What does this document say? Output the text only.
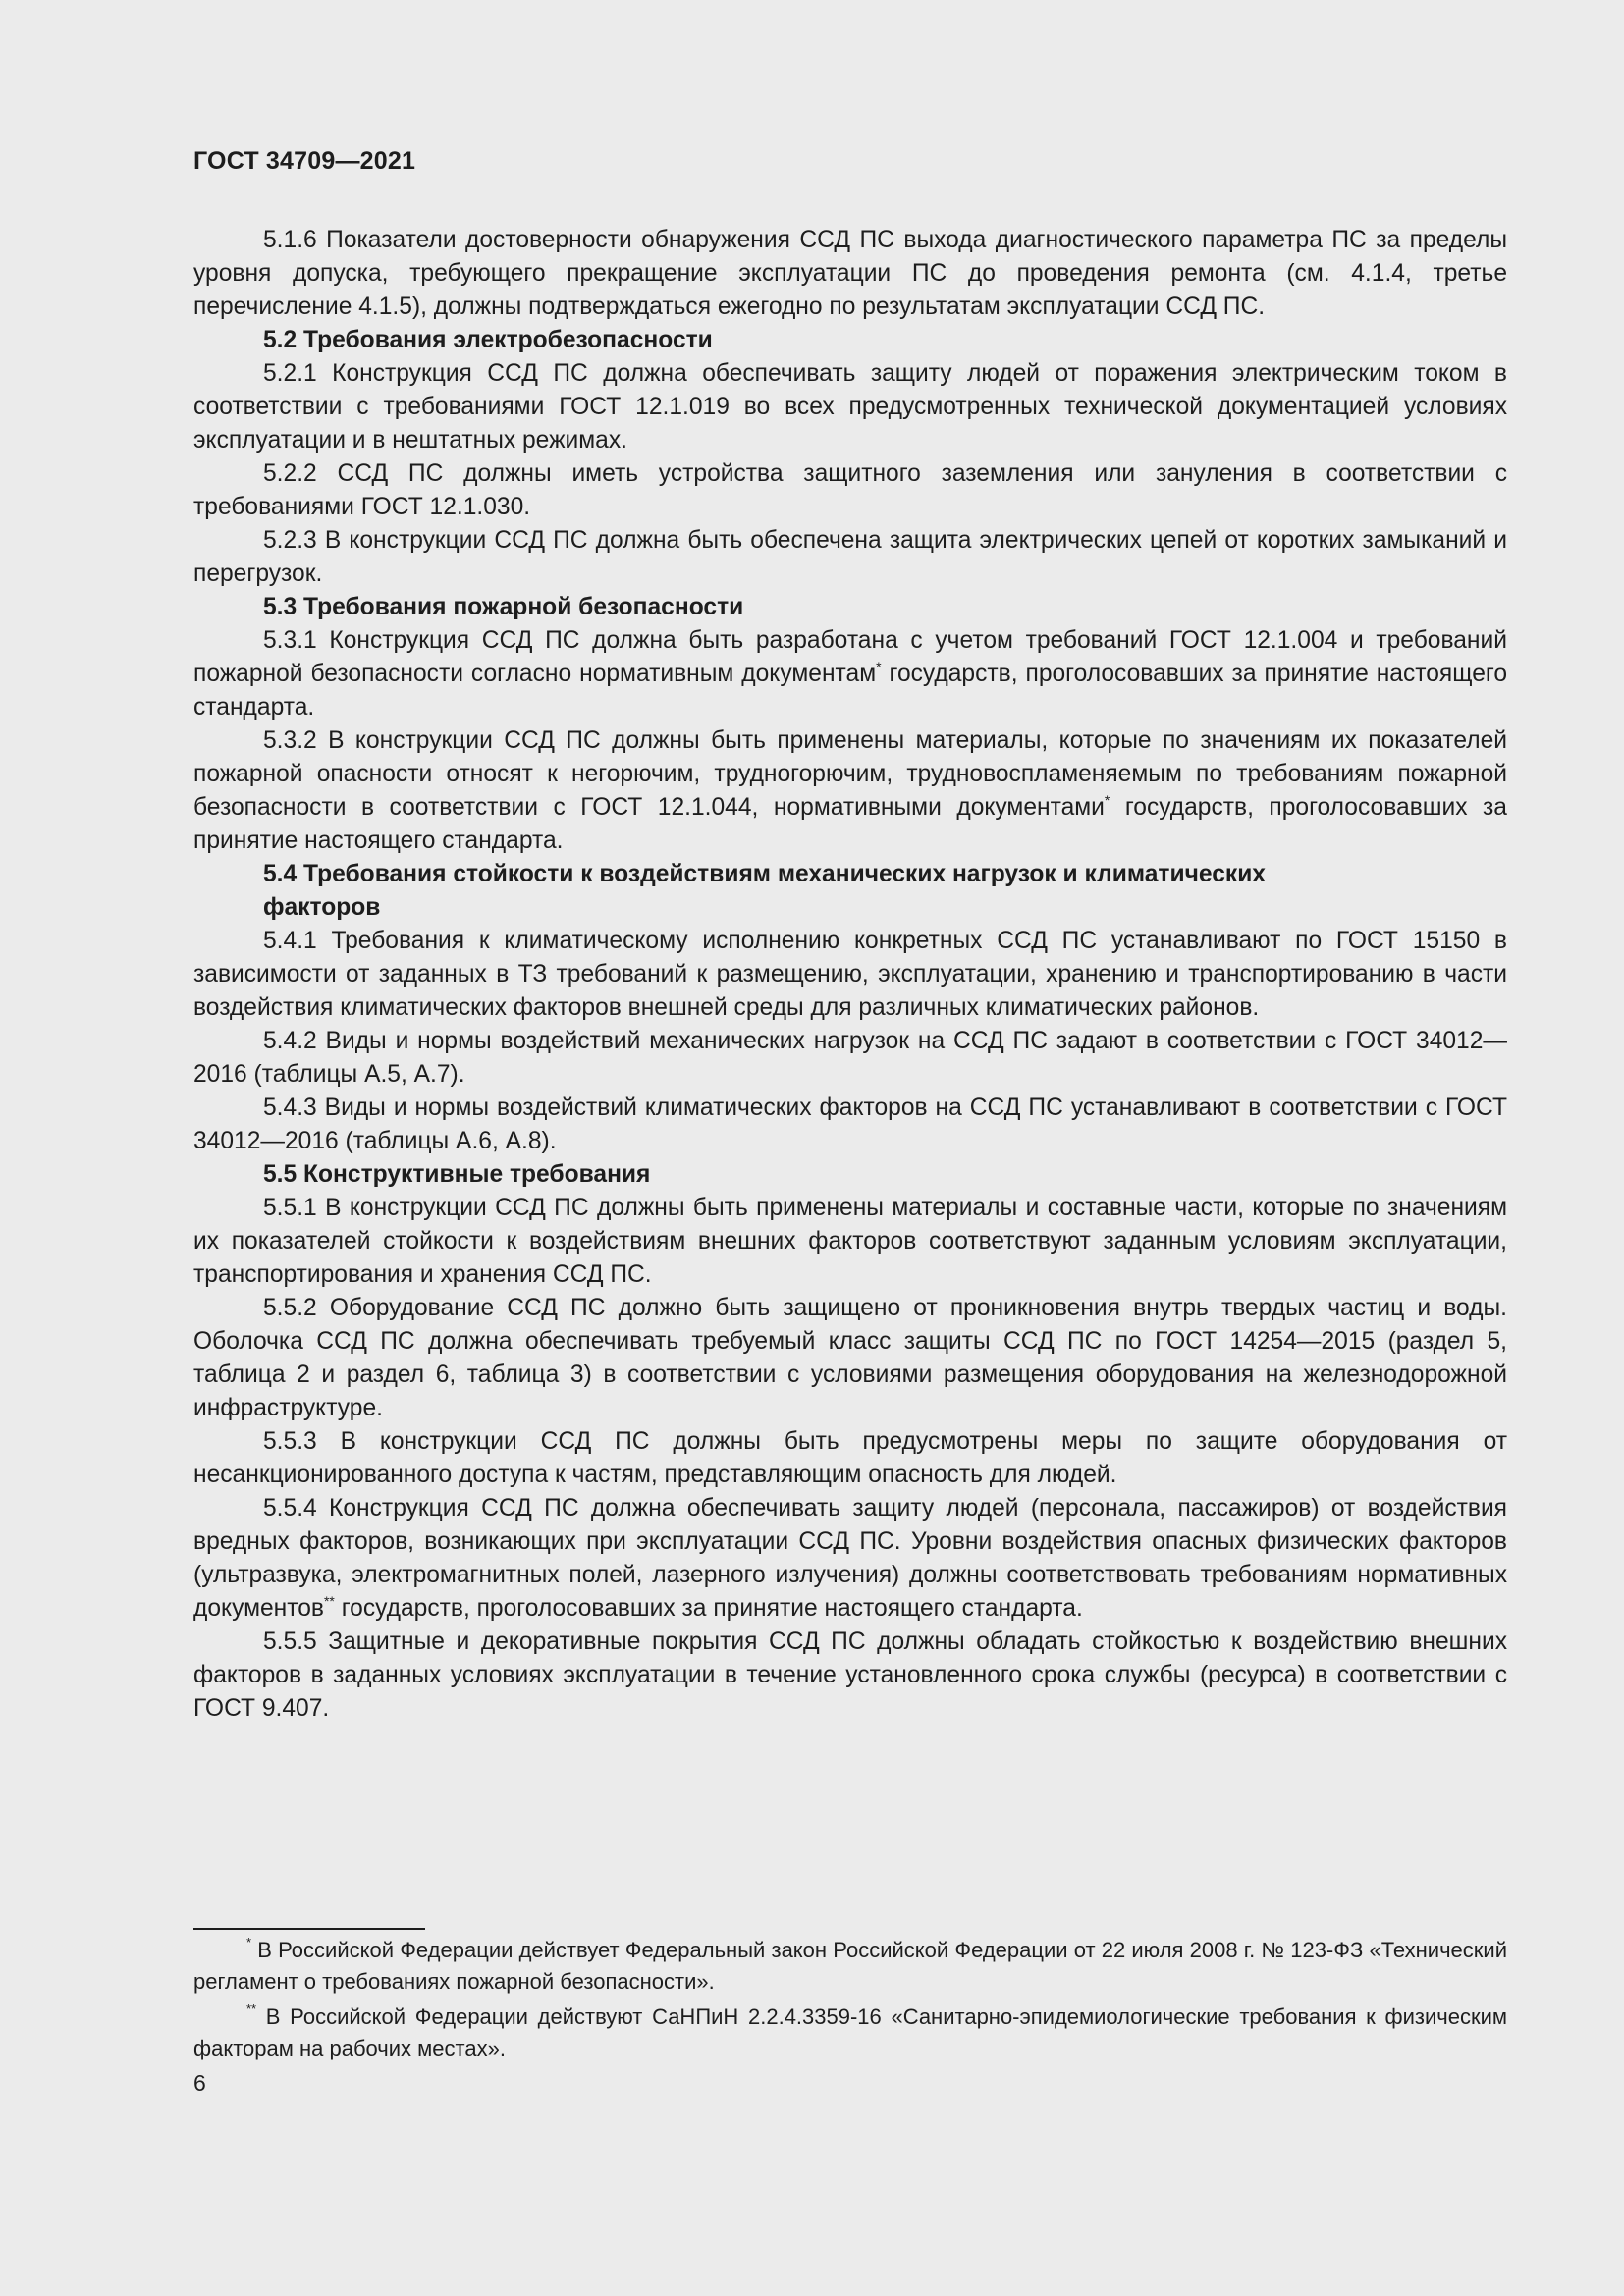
ГОСТ 34709—2021

5.1.6 Показатели достоверности обнаружения ССД ПС выхода диагностического параметра ПС за пределы уровня допуска, требующего прекращение эксплуатации ПС до проведения ремонта (см. 4.1.4, третье перечисление 4.1.5), должны подтверждаться ежегодно по результатам эксплуатации ССД ПС.

5.2 Требования электробезопасности

5.2.1 Конструкция ССД ПС должна обеспечивать защиту людей от поражения электрическим током в соответствии с требованиями ГОСТ 12.1.019 во всех предусмотренных технической документацией условиях эксплуатации и в нештатных режимах.

5.2.2 ССД ПС должны иметь устройства защитного заземления или зануления в соответствии с требованиями ГОСТ 12.1.030.

5.2.3 В конструкции ССД ПС должна быть обеспечена защита электрических цепей от коротких замыканий и перегрузок.

5.3 Требования пожарной безопасности

5.3.1 Конструкция ССД ПС должна быть разработана с учетом требований ГОСТ 12.1.004 и требований пожарной безопасности согласно нормативным документам* государств, проголосовавших за принятие настоящего стандарта.

5.3.2 В конструкции ССД ПС должны быть применены материалы, которые по значениям их показателей пожарной опасности относят к негорючим, трудногорючим, трудновоспламеняемым по требованиям пожарной безопасности в соответствии с ГОСТ 12.1.044, нормативными документами* государств, проголосовавших за принятие настоящего стандарта.

5.4 Требования стойкости к воздействиям механических нагрузок и климатических
факторов

5.4.1 Требования к климатическому исполнению конкретных ССД ПС устанавливают по ГОСТ 15150 в зависимости от заданных в ТЗ требований к размещению, эксплуатации, хранению и транспортированию в части воздействия климатических факторов внешней среды для различных климатических районов.

5.4.2 Виды и нормы воздействий механических нагрузок на ССД ПС задают в соответствии с ГОСТ 34012—2016 (таблицы А.5, А.7).

5.4.3 Виды и нормы воздействий климатических факторов на ССД ПС устанавливают в соответствии с ГОСТ 34012—2016 (таблицы А.6, А.8).

5.5 Конструктивные требования

5.5.1 В конструкции ССД ПС должны быть применены материалы и составные части, которые по значениям их показателей стойкости к воздействиям внешних факторов соответствуют заданным условиям эксплуатации, транспортирования и хранения ССД ПС.

5.5.2 Оборудование ССД ПС должно быть защищено от проникновения внутрь твердых частиц и воды. Оболочка ССД ПС должна обеспечивать требуемый класс защиты ССД ПС по ГОСТ 14254—2015 (раздел 5, таблица 2 и раздел 6, таблица 3) в соответствии с условиями размещения оборудования на железнодорожной инфраструктуре.

5.5.3 В конструкции ССД ПС должны быть предусмотрены меры по защите оборудования от несанкционированного доступа к частям, представляющим опасность для людей.

5.5.4 Конструкция ССД ПС должна обеспечивать защиту людей (персонала, пассажиров) от воздействия вредных факторов, возникающих при эксплуатации ССД ПС. Уровни воздействия опасных физических факторов (ультразвука, электромагнитных полей, лазерного излучения) должны соответствовать требованиям нормативных документов** государств, проголосовавших за принятие настоящего стандарта.

5.5.5 Защитные и декоративные покрытия ССД ПС должны обладать стойкостью к воздействию внешних факторов в заданных условиях эксплуатации в течение установленного срока службы (ресурса) в соответствии с ГОСТ 9.407.

* В Российской Федерации действует Федеральный закон Российской Федерации от 22 июля 2008 г. № 123-ФЗ «Технический регламент о требованиях пожарной безопасности».

** В Российской Федерации действуют СаНПиН 2.2.4.3359-16 «Санитарно-эпидемиологические требования к физическим факторам на рабочих местах».

6
